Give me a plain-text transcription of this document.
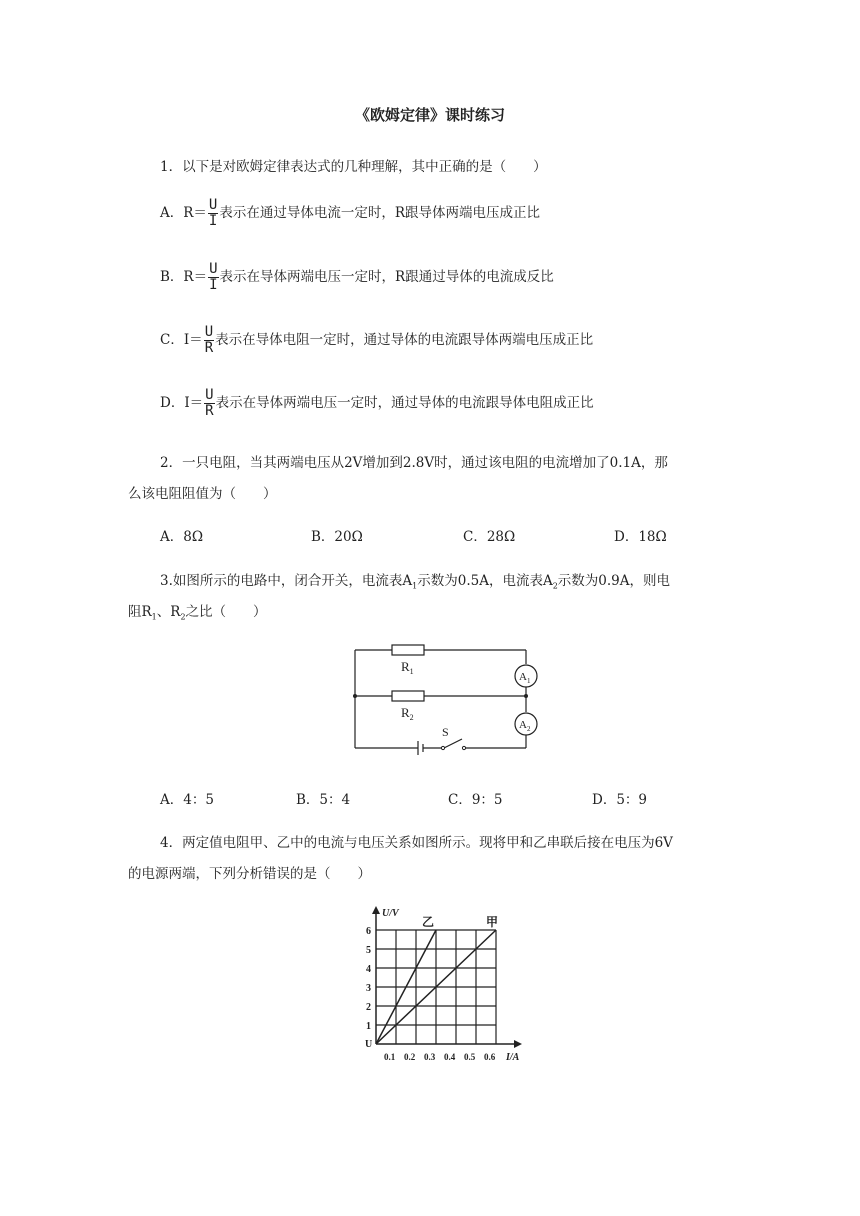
《欧姆定律》课时练习
1．以下是对欧姆定律表达式的几种理解，其中正确的是（　　）
A．$R= \frac{U}{I}$ 表示在通过导体电流一定时，R跟导体两端电压成正比
B．$R= \frac{U}{I}$ 表示在导体两端电压一定时，R跟通过导体的电流成反比
C．$I= \frac{U}{R}$ 表示在导体电阻一定时，通过导体的电流跟导体两端电压成正比
D．$I= \frac{U}{R}$ 表示在导体两端电压一定时，通过导体的电流跟导体电阻成正比
2．一只电阻，当其两端电压从2V增加到2.8V时，通过该电阻的电流增加了0.1A，那
么该电阻阻值为（　　）
A．8Ω	B．20Ω	C．28Ω	D．18Ω
3.如图所示的电路中，闭合开关，电流表$A_1$示数为0.5A，电流表$A_2$示数为0.9A，则电
阻$R_1$、$R_2$之比（　　）
$R_1$
$R_2$
$A_1$
$A_2$
S
A．4：5	B．5：4	C．9：5	D．5：9
4．两定值电阻甲、乙中的电流与电压关系如图所示。现将甲和乙串联后接在电压为6V
的电源两端，下列分析错误的是（　　）
U/V
I/A
U
6
5
4
3
2
1
0.1 0.2 0.3 0.4 0.5 0.6
乙	甲
